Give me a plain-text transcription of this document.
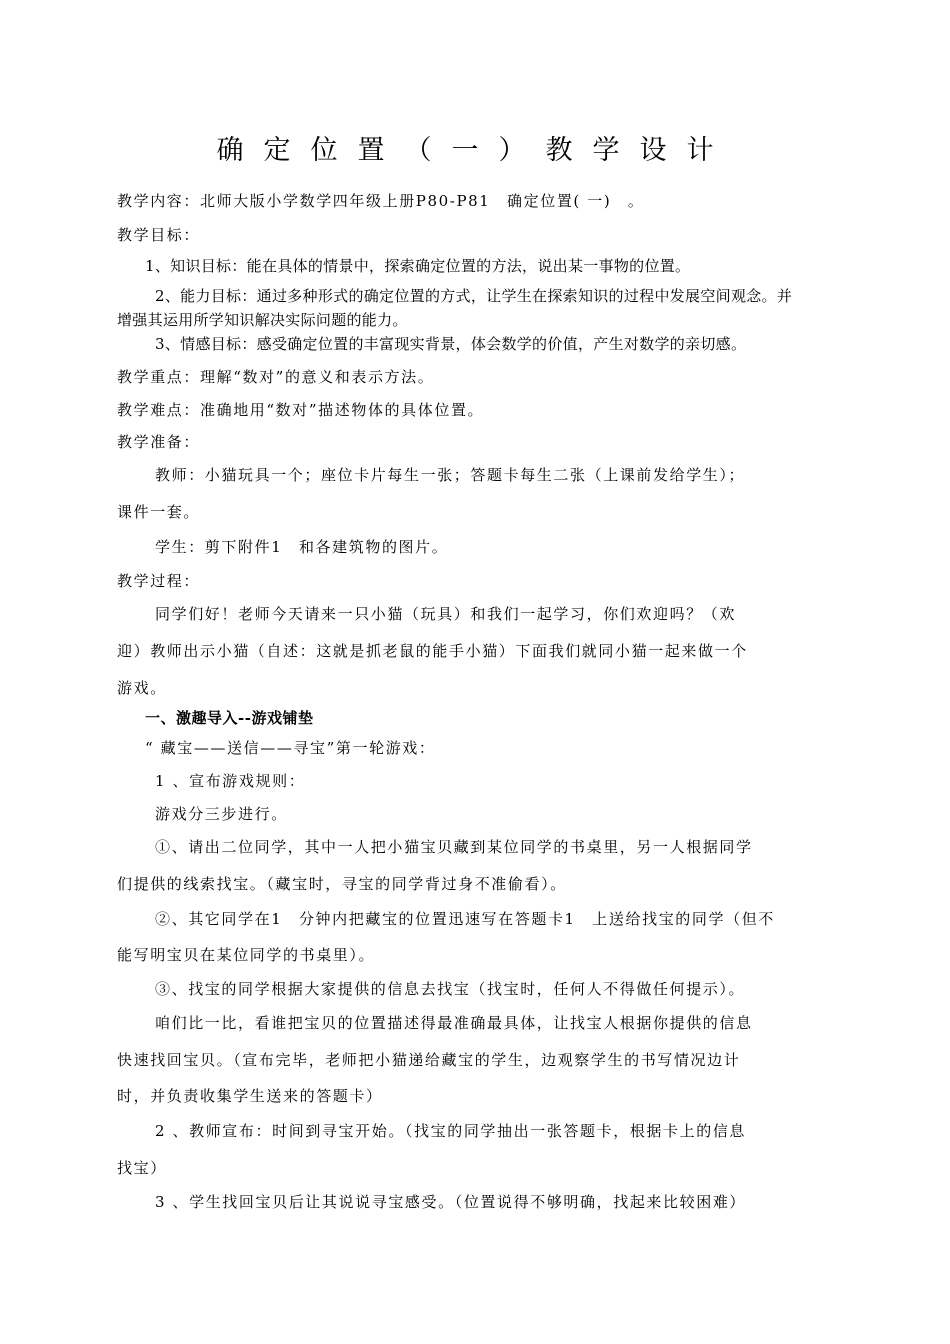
确定位置（一）教学设计
教学内容：北师大版小学数学四年级上册P80-P81　确定位置( 一)　。
教学目标：
1、知识目标：能在具体的情景中，探索确定位置的方法，说出某一事物的位置。
2、能力目标：通过多种形式的确定位置的方式，让学生在探索知识的过程中发展空间观念。并
增强其运用所学知识解决实际问题的能力。
3、情感目标：感受确定位置的丰富现实背景，体会数学的价值，产生对数学的亲切感。
教学重点：理解“数对”的意义和表示方法。
教学难点：准确地用“数对”描述物体的具体位置。
教学准备：
教师：小猫玩具一个；座位卡片每生一张；答题卡每生二张（上课前发给学生）；
课件一套。
学生：剪下附件1　和各建筑物的图片。
教学过程：
同学们好！老师今天请来一只小猫（玩具）和我们一起学习，你们欢迎吗？（欢
迎）教师出示小猫（自述：这就是抓老鼠的能手小猫）下面我们就同小猫一起来做一个
游戏。
一、激趣导入--游戏铺垫
“ 藏宝——送信——寻宝”第一轮游戏：
1 、宣布游戏规则：
游戏分三步进行。
①、请出二位同学，其中一人把小猫宝贝藏到某位同学的书桌里，另一人根据同学
们提供的线索找宝。（藏宝时，寻宝的同学背过身不准偷看）。
②、其它同学在1　分钟内把藏宝的位置迅速写在答题卡1　上送给找宝的同学（但不
能写明宝贝在某位同学的书桌里）。
③、找宝的同学根据大家提供的信息去找宝（找宝时，任何人不得做任何提示）。
咱们比一比，看谁把宝贝的位置描述得最准确最具体，让找宝人根据你提供的信息
快速找回宝贝。（宣布完毕，老师把小猫递给藏宝的学生，边观察学生的书写情况边计
时，并负责收集学生送来的答题卡）
2 、教师宣布：时间到寻宝开始。（找宝的同学抽出一张答题卡，根据卡上的信息
找宝）
3 、学生找回宝贝后让其说说寻宝感受。（位置说得不够明确，找起来比较困难）
